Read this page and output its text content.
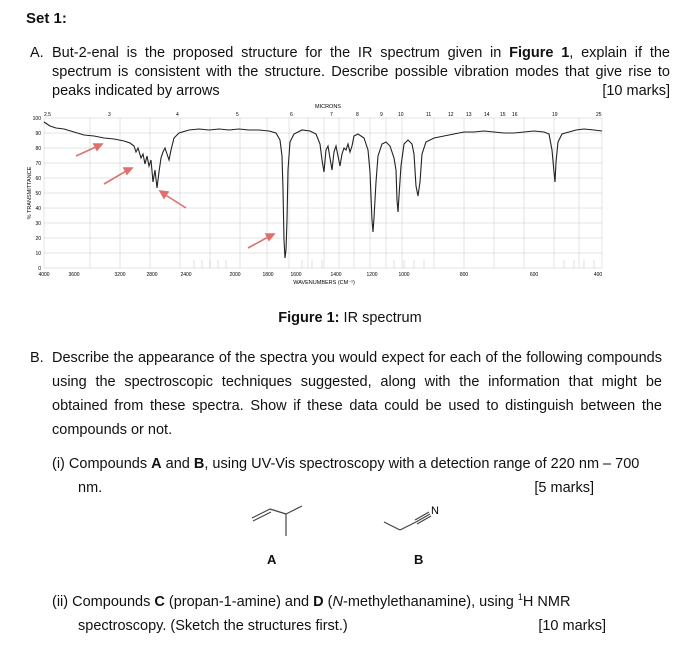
Set 1:
A. But-2-enal is the proposed structure for the IR spectrum given in Figure 1, explain if the spectrum is consistent with the structure. Describe possible vibration modes that give rise to peaks indicated by arrows	[10 marks]
MICRONS
2.5	3	4	5	6	7	8	9	10	11	12 13 14 15 16	19	25
100
90
80
70
60
50
40
30
20
10
0
% TRANSMITTANCE
4000	3600	3200	2800	2400	2000	1800	1600	1400	1200	1000	800	600	400
WAVENUMBERS (CM⁻¹)
Figure 1: IR spectrum
B. Describe the appearance of the spectra you would expect for each of the following compounds using the spectroscopic techniques suggested, along with the information that might be obtained from these spectra. Show if these data could be used to distinguish between the compounds or not.
(i) Compounds A and B, using UV-Vis spectroscopy with a detection range of 220 nm – 700
nm.	[5 marks]
A
N
B
(ii) Compounds C (propan-1-amine) and D (N-methylethanamine), using $^1$H NMR
spectroscopy. (Sketch the structures first.)	[10 marks]
